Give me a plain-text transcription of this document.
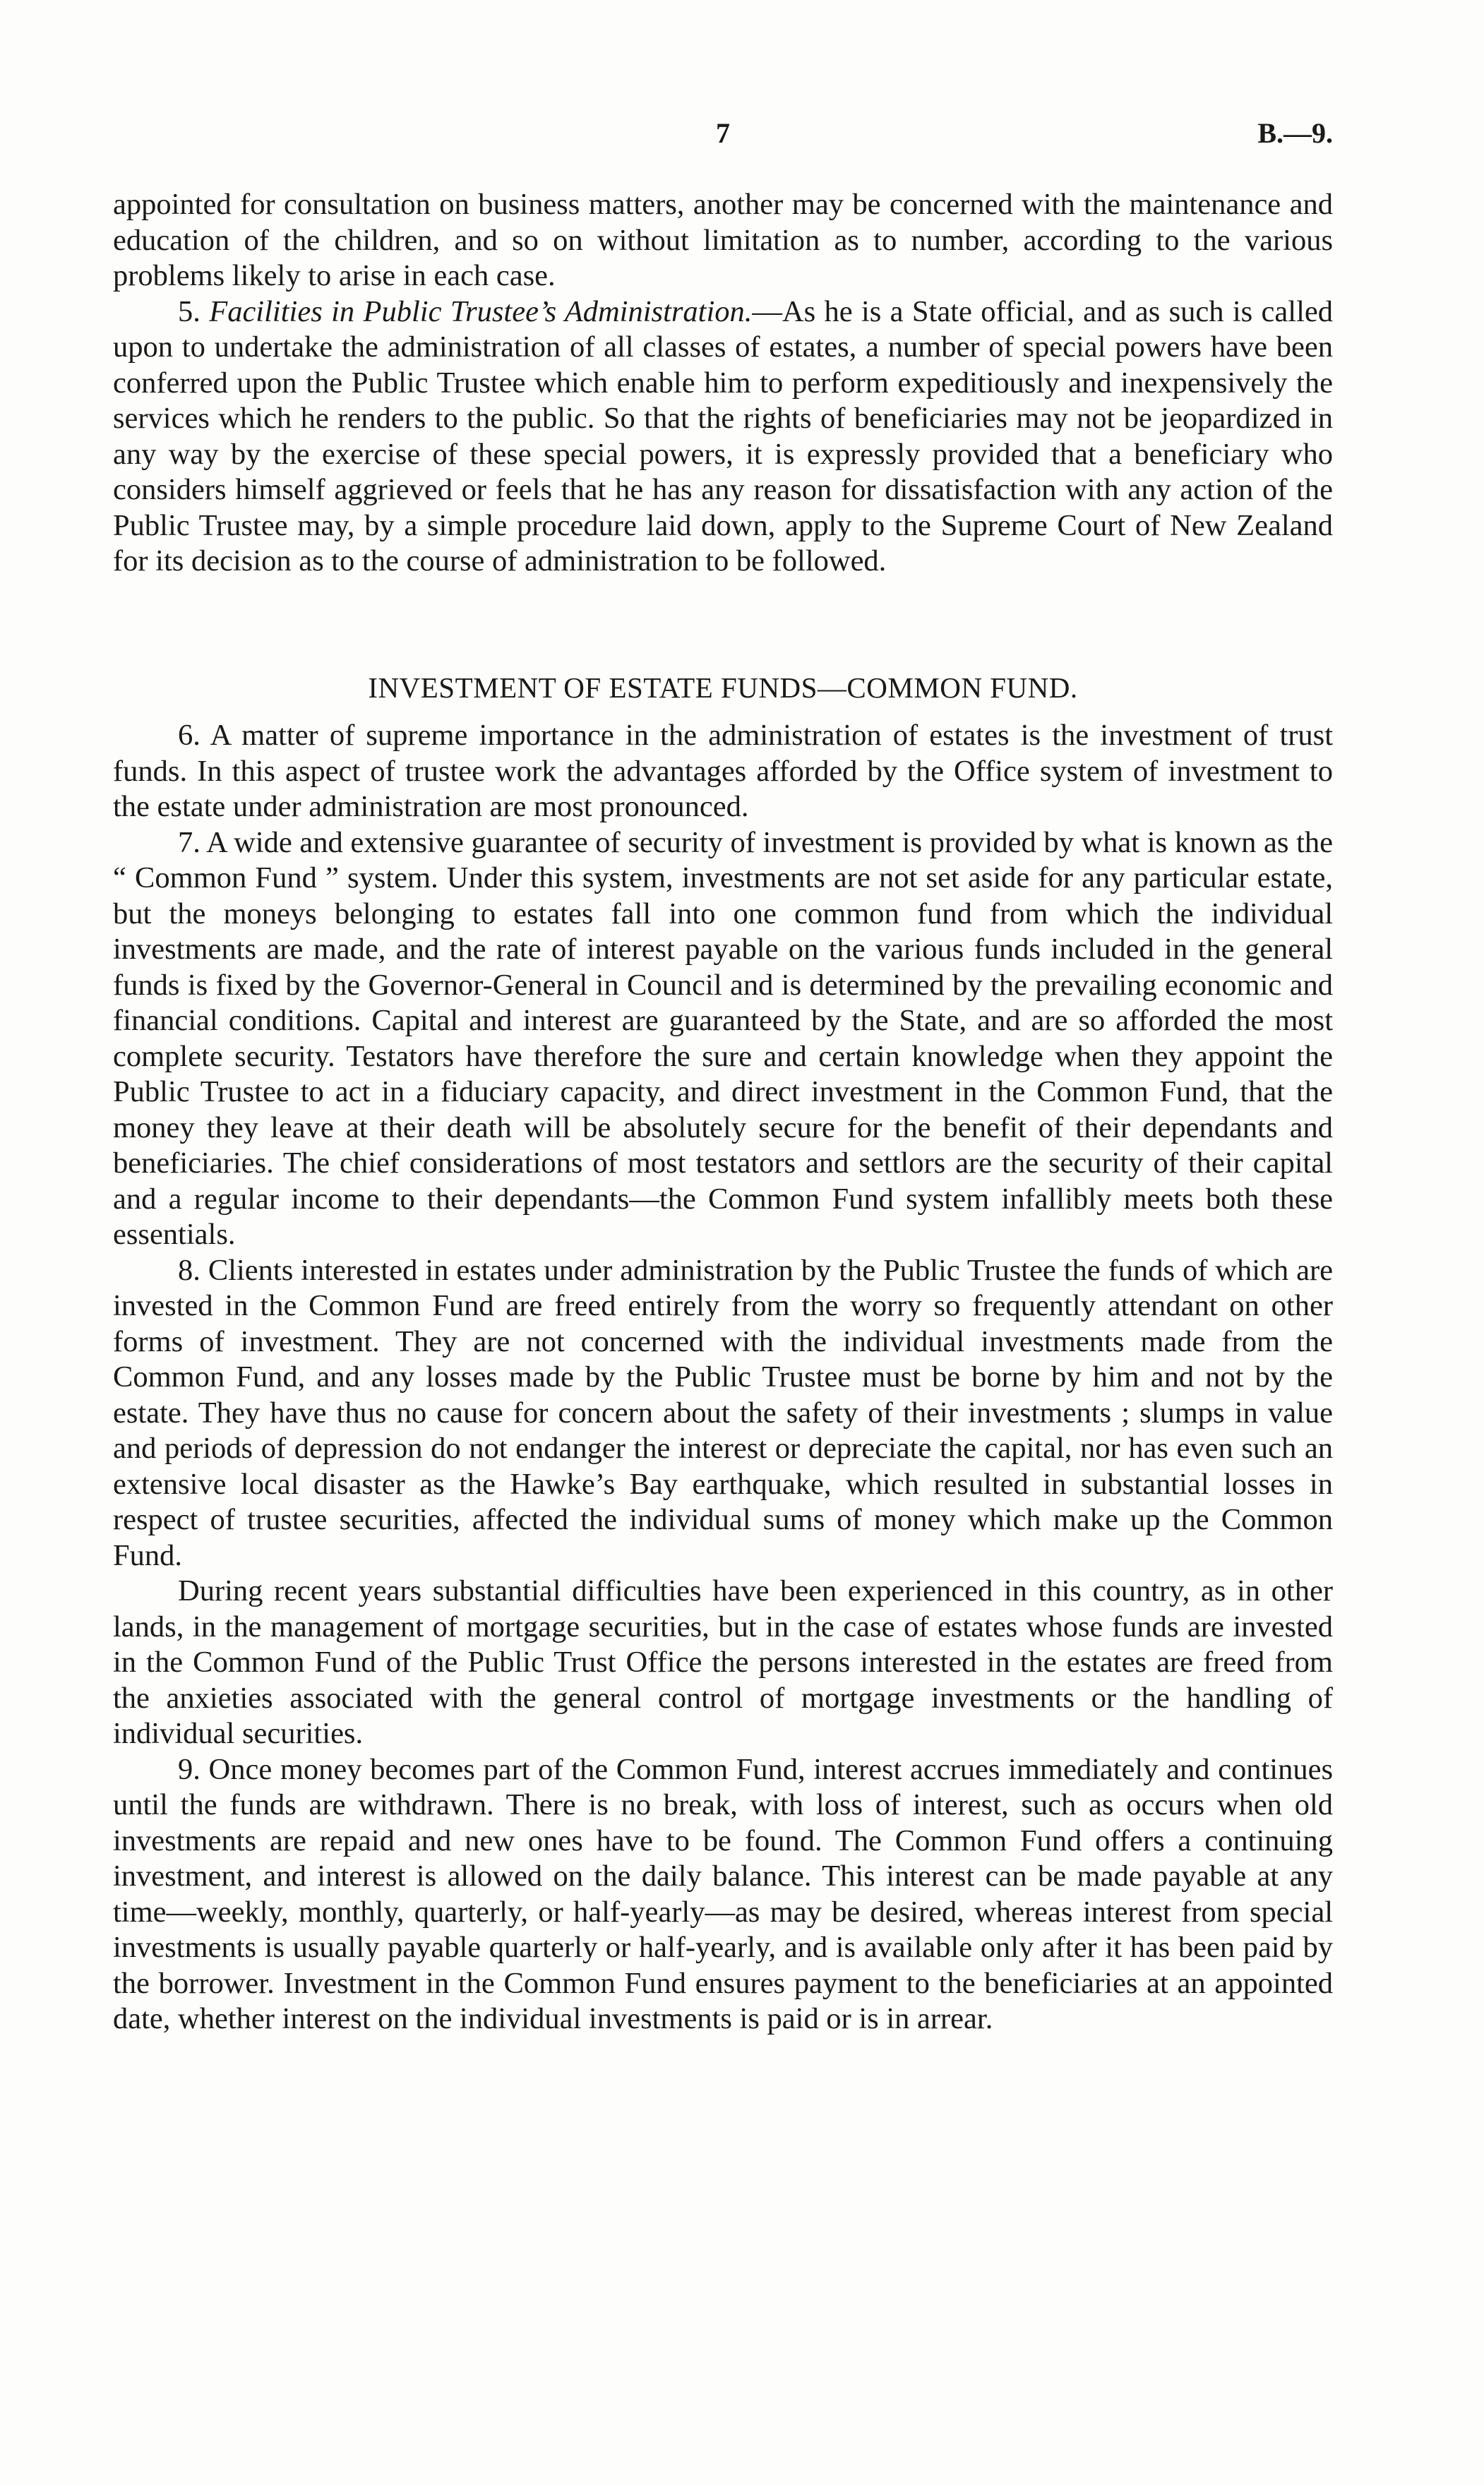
7	B.—9.

appointed for consultation on business matters, another may be concerned with the maintenance and education of the children, and so on without limitation as to number, according to the various problems likely to arise in each case.

5. Facilities in Public Trustee’s Administration.—As he is a State official, and as such is called upon to undertake the administration of all classes of estates, a number of special powers have been conferred upon the Public Trustee which enable him to perform expeditiously and inexpensively the services which he renders to the public. So that the rights of beneficiaries may not be jeopardized in any way by the exercise of these special powers, it is expressly provided that a beneficiary who considers himself aggrieved or feels that he has any reason for dissatisfaction with any action of the Public Trustee may, by a simple procedure laid down, apply to the Supreme Court of New Zealand for its decision as to the course of administration to be followed.

INVESTMENT OF ESTATE FUNDS—COMMON FUND.

6. A matter of supreme importance in the administration of estates is the investment of trust funds. In this aspect of trustee work the advantages afforded by the Office system of investment to the estate under administration are most pronounced.

7. A wide and extensive guarantee of security of investment is provided by what is known as the “ Common Fund ” system. Under this system, investments are not set aside for any particular estate, but the moneys belonging to estates fall into one common fund from which the individual investments are made, and the rate of interest payable on the various funds included in the general funds is fixed by the Governor-General in Council and is determined by the prevailing economic and financial conditions. Capital and interest are guaranteed by the State, and are so afforded the most complete security. Testators have therefore the sure and certain knowledge when they appoint the Public Trustee to act in a fiduciary capacity, and direct investment in the Common Fund, that the money they leave at their death will be absolutely secure for the benefit of their dependants and beneficiaries. The chief considerations of most testators and settlors are the security of their capital and a regular income to their dependants—the Common Fund system infallibly meets both these essentials.

8. Clients interested in estates under administration by the Public Trustee the funds of which are invested in the Common Fund are freed entirely from the worry so frequently attendant on other forms of investment. They are not concerned with the individual investments made from the Common Fund, and any losses made by the Public Trustee must be borne by him and not by the estate. They have thus no cause for concern about the safety of their investments ; slumps in value and periods of depression do not endanger the interest or depreciate the capital, nor has even such an extensive local disaster as the Hawke’s Bay earthquake, which resulted in substantial losses in respect of trustee securities, affected the individual sums of money which make up the Common Fund.

During recent years substantial difficulties have been experienced in this country, as in other lands, in the management of mortgage securities, but in the case of estates whose funds are invested in the Common Fund of the Public Trust Office the persons interested in the estates are freed from the anxieties associated with the general control of mortgage investments or the handling of individual securities.

9. Once money becomes part of the Common Fund, interest accrues immediately and continues until the funds are withdrawn. There is no break, with loss of interest, such as occurs when old investments are repaid and new ones have to be found. The Common Fund offers a continuing investment, and interest is allowed on the daily balance. This interest can be made payable at any time—weekly, monthly, quarterly, or half-yearly—as may be desired, whereas interest from special investments is usually payable quarterly or half-yearly, and is available only after it has been paid by the borrower. Investment in the Common Fund ensures payment to the beneficiaries at an appointed date, whether interest on the individual investments is paid or is in arrear.
